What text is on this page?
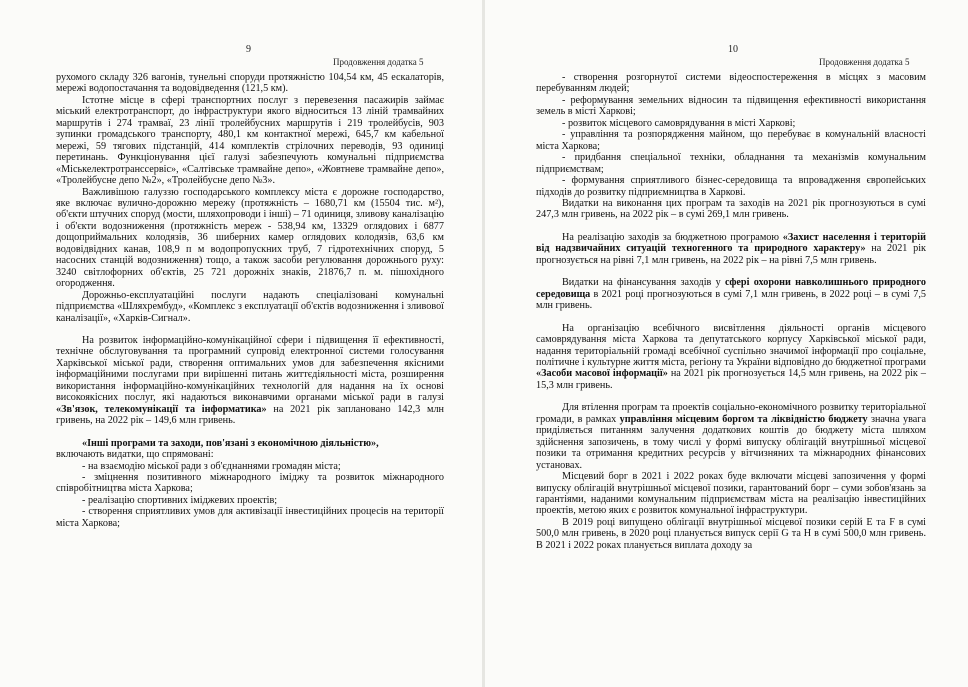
9
Продовження додатка 5

рухомого складу 326 вагонів, тунельні споруди протяжністю 104,54 км, 45 ескалаторів, мережі водопостачання та водовідведення (121,5 км).

Істотне місце в сфері транспортних послуг з перевезення пасажирів займає міський електротранспорт, до інфраструктури якого відноситься 13 ліній трамвайних маршрутів і 274 трамваї, 23 лінії тролейбусних маршрутів і 219 тролейбусів, 903 зупинки громадського транспорту, 480,1 км контактної мережі, 645,7 км кабельної мережі, 59 тягових підстанцій, 414 комплектів стрілочних переводів, 93 одиниці перетинань. Функціонування цієї галузі забезпечують комунальні підприємства «Міськелектротранссервіс», «Салтівське трамвайне депо», «Жовтневе трамвайне депо», «Тролейбусне депо №2», «Тролейбусне депо №3».

Важливішою галуззю господарського комплексу міста є дорожне господарство, яке включає вулично-дорожню мережу (протяжність – 1680,71 км (15504 тис. м²), об'єкти штучних споруд (мости, шляхопроводи і інші) – 71 одиниця, зливову каналізацію і об'єкти водозниження (протяжність мереж - 538,94 км, 13329 оглядових і 6877 дощоприймальних колодязів, 36 шиберних камер оглядових колодязів, 63,6 км водовідвідних канав, 108,9 п м водопропускних труб, 7 гідротехнічних споруд, 5 насосних станцій водозниження) тощо, а також засоби регулювання дорожнього руху: 3240 світлофорних об'єктів, 25 721 дорожніх знаків, 21876,7 п. м. пішохідного огородження.

Дорожньо-експлуатаційні послуги надають спеціалізовані комунальні підприємства «Шляхрембуд», «Комплекс з експлуатації об'єктів водозниження і зливової каналізації», «Харків-Сигнал».

На розвиток інформаційно-комунікаційної сфери і підвищення її ефективності, технічне обслуговування та програмний супровід електронної системи голосування Харківської міської ради, створення оптимальних умов для забезпечення якісними інформаційними послугами при вирішенні питань життєдіяльності міста, розширення використання інформаційно-комунікаційних технологій для надання на їх основі високоякісних послуг, які надаються виконавчими органами міської ради в галузі «Зв'язок, телекомунікації та інформатика» на 2021 рік заплановано 142,3 млн гривень, на 2022 рік – 149,6 млн гривень.

«Інші програми та заходи, пов'язані з економічною діяльністю»,

включають видатки, що спрямовані:

- на взаємодію міської ради з об'єднаннями громадян міста;

- зміцнення позитивного міжнародного іміджу та розвиток міжнародного співробітництва міста Харкова;

- реалізацію спортивних іміджевих проектів;

- створення сприятливих умов для активізації інвестиційних процесів на території міста Харкова;

10
Продовження додатка 5

- створення розгорнутої системи відеоспостереження в місцях з масовим перебуванням людей;

- реформування земельних відносин та підвищення ефективності використання земель в місті Харкові;

- розвиток місцевого самоврядування в місті Харкові;

- управління та розпорядження майном, що перебуває в комунальній власності міста Харкова;

- придбання спеціальної техніки, обладнання та механізмів комунальним підприємствам;

- формування сприятливого бізнес-середовища та впровадження європейських підходів до розвитку підприємництва в Харкові.

Видатки на виконання цих програм та заходів на 2021 рік прогнозуються в сумі 247,3 млн гривень, на 2022 рік – в сумі 269,1 млн гривень.

На реалізацію заходів за бюджетною програмою «Захист населення і територій від надзвичайних ситуацій техногенного та природного характеру» на 2021 рік прогнозується на рівні 7,1 млн гривень, на 2022 рік – на рівні 7,5 млн гривень.

Видатки на фінансування заходів у сфері охорони навколишнього природного середовища в 2021 році прогнозуються в сумі 7,1 млн гривень, в 2022 році – в сумі 7,5 млн гривень.

На організацію всебічного висвітлення діяльності органів місцевого самоврядування міста Харкова та депутатського корпусу Харківської міської ради, надання територіальній громаді всебічної суспільно значимої інформації про соціальне, політичне і культурне життя міста, регіону та України відповідно до бюджетної програми «Засоби масової інформації» на 2021 рік прогнозується 14,5 млн гривень, на 2022 рік – 15,3 млн гривень.

Для втілення програм та проектів соціально-економічного розвитку територіальної громади, в рамках управління місцевим боргом та ліквідністю бюджету значна увага приділяється питанням залучення додаткових коштів до бюджету міста шляхом здійснення запозичень, в тому числі у формі випуску облігацій внутрішньої місцевої позики та отримання кредитних ресурсів у вітчизняних та міжнародних фінансових установах.

Місцевий борг в 2021 і 2022 роках буде включати місцеві запозичення у формі випуску облігацій внутрішньої місцевої позики, гарантований борг – суми зобов'язань за гарантіями, наданими комунальним підприємствам міста на реалізацію інвестиційних проектів, метою яких є розвиток комунальної інфраструктури.

В 2019 році випущено облігації внутрішньої місцевої позики серій E та F в сумі 500,0 млн гривень, в 2020 році планується випуск серії G та H в сумі 500,0 млн гривень. В 2021 і 2022 роках планується виплата доходу за
